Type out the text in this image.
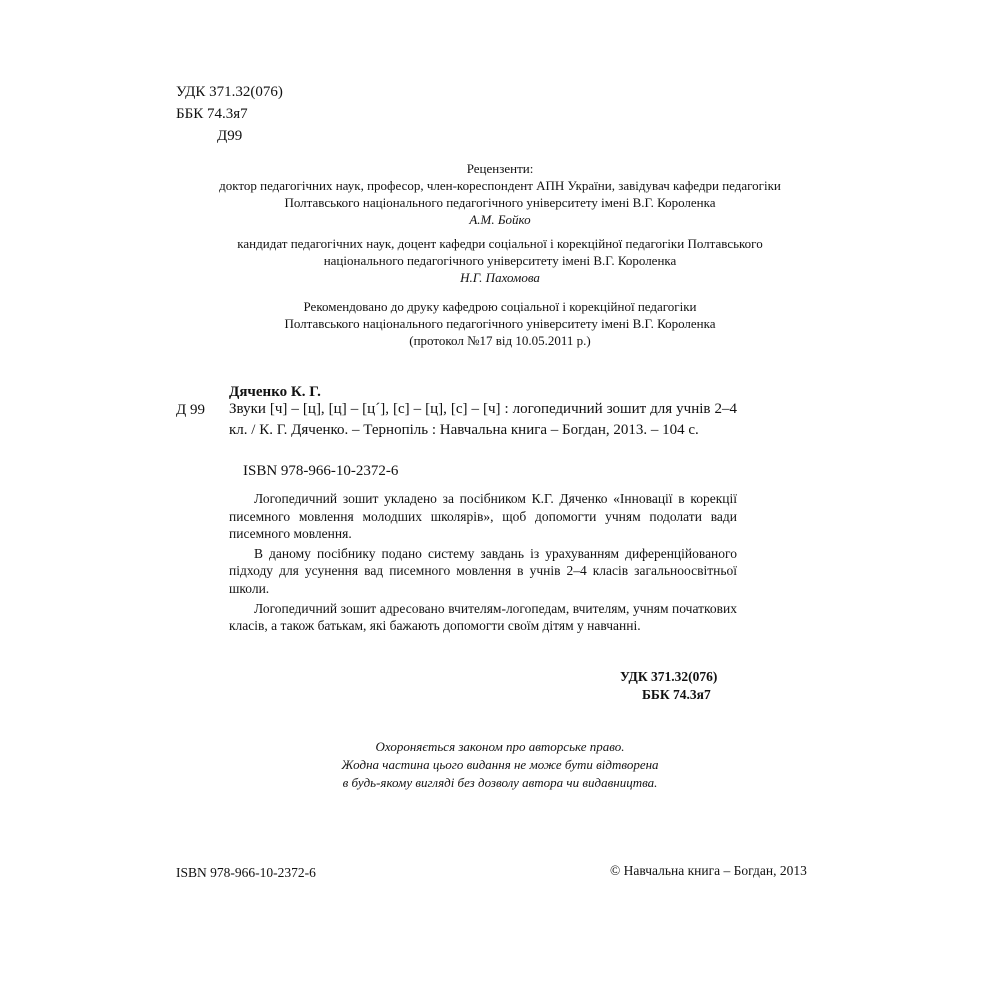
УДК 371.32(076)
ББК 74.3я7
Д99
Рецензенти:
доктор педагогічних наук, професор, член-кореспондент АПН України, завідувач кафедри педагогіки
Полтавського національного педагогічного університету імені В.Г. Короленка
А.М. Бойко
кандидат педагогічних наук, доцент кафедри соціальної і корекційної педагогіки Полтавського
національного педагогічного університету імені В.Г. Короленка
Н.Г. Пахомова
Рекомендовано до друку кафедрою соціальної і корекційної педагогіки
Полтавського національного педагогічного університету імені В.Г. Короленка
(протокол №17 від 10.05.2011 р.)
Дяченко К. Г.
Д 99 Звуки [ч] – [ц], [ц] – [ц´], [с] – [ц], [с] – [ч] : логопедичний зошит для учнів 2–4 кл. / К. Г. Дяченко. – Тернопіль : Навчальна книга – Богдан, 2013. – 104 с.
ISBN 978-966-10-2372-6

Логопедичний зошит укладено за посібником К.Г. Дяченко «Інновації в корекції писемного мовлення молодших школярів», щоб допомогти учням подолати вади писемного мовлення.

В даному посібнику подано систему завдань із урахуванням диференційованого підходу для усунення вад писемного мовлення в учнів 2–4 класів загальноосвітньої школи.

Логопедичний зошит адресовано вчителям-логопедам, вчителям, учням початкових класів, а також батькам, які бажають допомогти своїм дітям у навчанні.

УДК 371.32(076)
ББК 74.3я7
Охороняється законом про авторське право.
Жодна частина цього видання не може бути відтворена
в будь-якому вигляді без дозволу автора чи видавництва.
ISBN 978-966-10-2372-6	© Навчальна книга – Богдан, 2013
